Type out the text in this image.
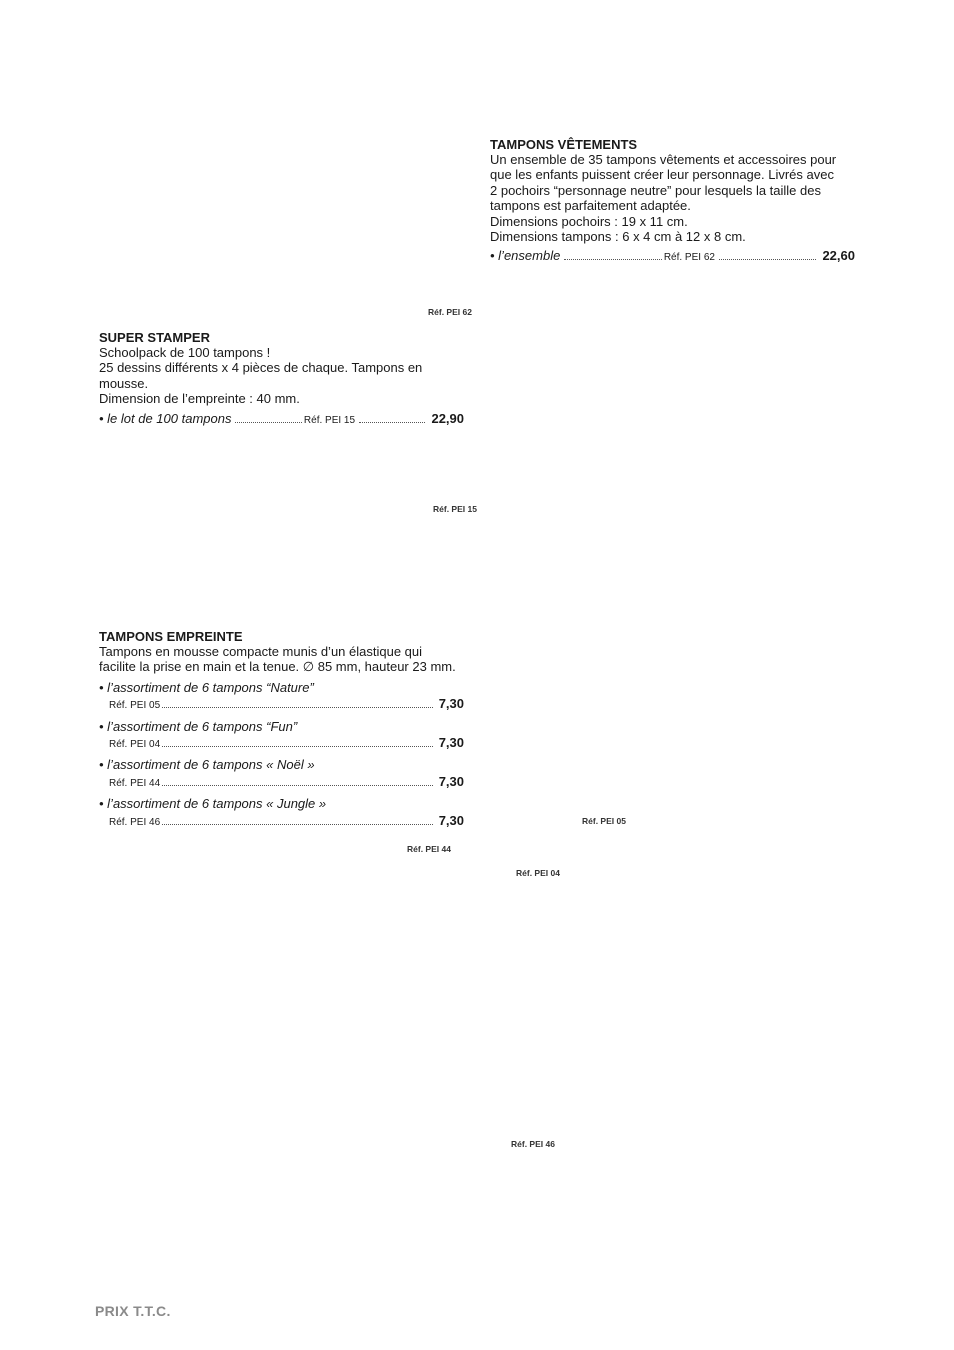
TAMPONS VÊTEMENTS
Un ensemble de 35 tampons vêtements et accessoires pour
que les enfants puissent créer leur personnage. Livrés avec
2 pochoirs “personnage neutre” pour lesquels la taille des
tampons est parfaitement adaptée.
Dimensions pochoirs : 19 x 11 cm.
Dimensions tampons : 6 x 4 cm à 12 x 8 cm.
• l’ensemble	Réf. PEI 62	22,60
SUPER STAMPER
Schoolpack de 100 tampons !
25 dessins différents x 4 pièces de chaque. Tampons en
mousse.
Dimension de l’empreinte : 40 mm.
• le lot de 100 tampons	Réf. PEI 15	22,90
TAMPONS EMPREINTE
Tampons en mousse compacte munis d’un élastique qui
facilite la prise en main et la tenue. ∅ 85 mm, hauteur 23 mm.
• l’assortiment de 6 tampons “Nature”
Réf. PEI 05	7,30
• l’assortiment de 6 tampons “Fun”
Réf. PEI 04	7,30
• l’assortiment de 6 tampons « Noël »
Réf. PEI 44	7,30
• l’assortiment de 6 tampons « Jungle »
Réf. PEI 46	7,30
Réf. PEI 62
Réf. PEI 15
Réf. PEI 05
Réf. PEI 44
Réf. PEI 04
Réf. PEI 46
PRIX T.T.C.
